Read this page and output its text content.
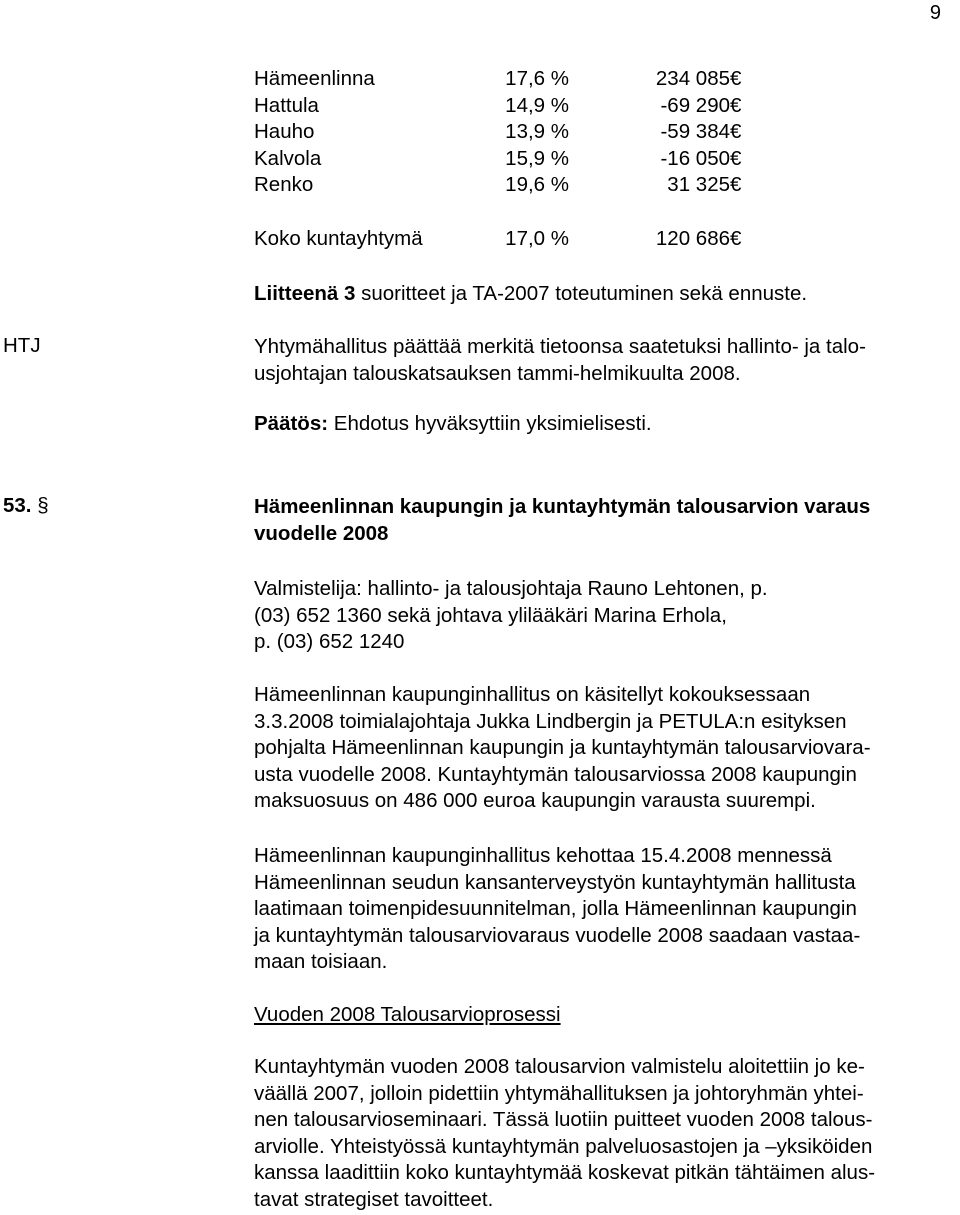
9
Hämeenlinna	17,6 %	234 085 €
Hattula	14,9 %	-69 290 €
Hauho	13,9 %	-59 384 €
Kalvola	15,9 %	-16 050 €
Renko	19,6 %	31 325 €
Koko kuntayhtymä	17,0 %	120 686 €
Liitteenä 3 suoritteet ja TA-2007 toteutuminen sekä ennuste.
HTJ	Yhtymähallitus päättää merkitä tietoonsa saatetuksi hallinto- ja talo-

usjohtajan talouskatsauksen tammi-helmikuulta 2008.

Päätös: Ehdotus hyväksyttiin yksimielisesti.
53. §	Hämeenlinnan kaupungin ja kuntayhtymän talousarvion varaus

vuodelle 2008

Valmistelija: hallinto- ja talousjohtaja Rauno Lehtonen, p.

(03) 652 1360 sekä johtava ylilääkäri Marina Erhola,

p. (03) 652 1240

Hämeenlinnan kaupunginhallitus on käsitellyt kokouksessaan

3.3.2008 toimialajohtaja Jukka Lindbergin ja PETULA:n esityksen

pohjalta Hämeenlinnan kaupungin ja kuntayhtymän talousarviovara-

usta vuodelle 2008. Kuntayhtymän talousarviossa 2008 kaupungin

maksuosuus on 486 000 euroa kaupungin varausta suurempi.

Hämeenlinnan kaupunginhallitus kehottaa 15.4.2008 mennessä

Hämeenlinnan seudun kansanterveystyön kuntayhtymän hallitusta

laatimaan toimenpidesuunnitelman, jolla Hämeenlinnan kaupungin

ja kuntayhtymän talousarviovaraus vuodelle 2008 saadaan vastaa-

maan toisiaan.

Vuoden 2008 Talousarvioprosessi

Kuntayhtymän vuoden 2008 talousarvion valmistelu aloitettiin jo ke-

väällä 2007, jolloin pidettiin yhtymähallituksen ja johtoryhmän yhtei-

nen talousarvioseminaari. Tässä luotiin puitteet vuoden 2008 talous-

arviolle. Yhteistyössä kuntayhtymän palveluosastojen ja –yksiköiden

kanssa laadittiin koko kuntayhtymää koskevat pitkän tähtäimen alus-

tavat strategiset tavoitteet.
